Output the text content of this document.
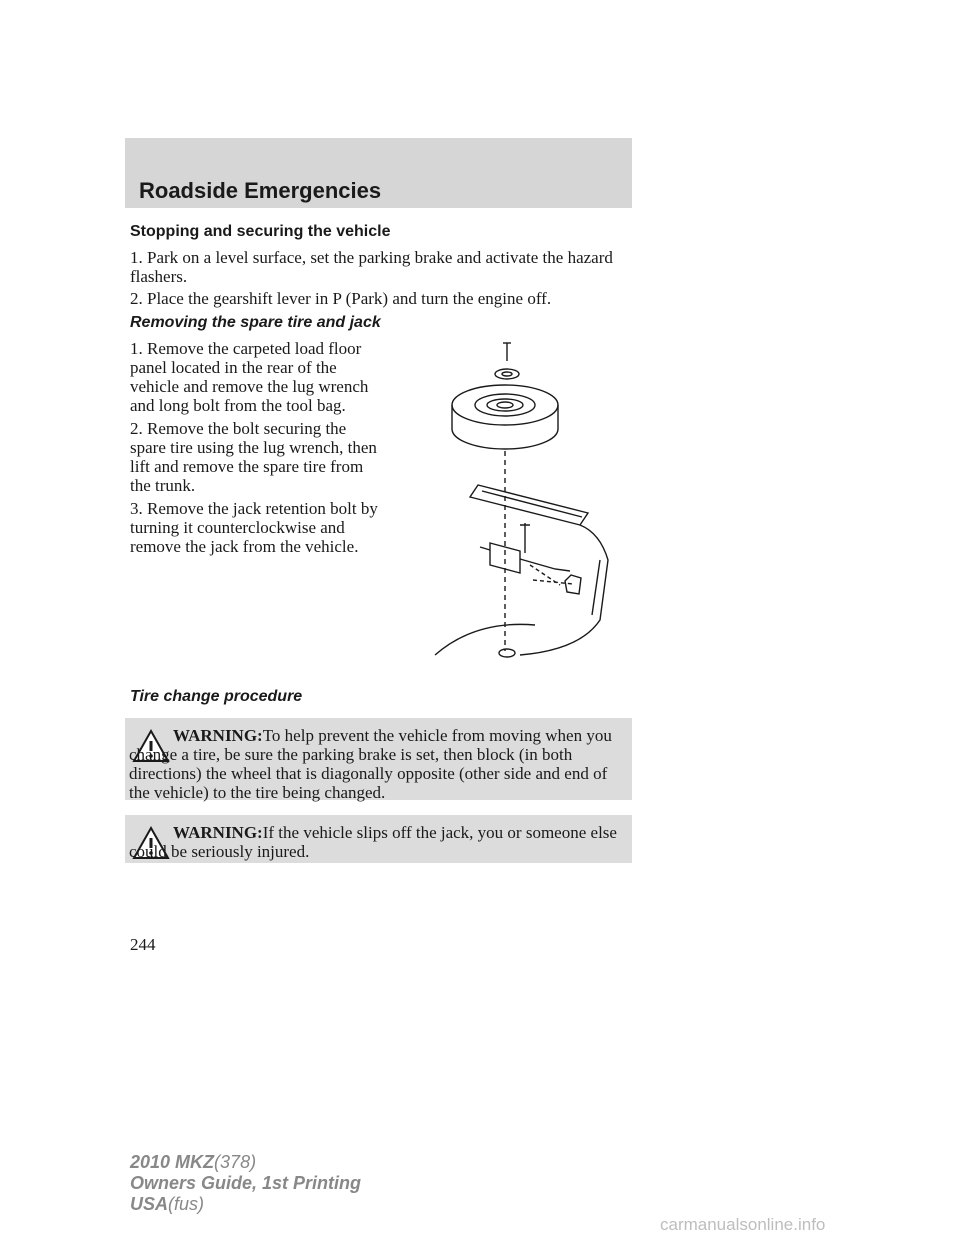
Roadside Emergencies
Stopping and securing the vehicle
1. Park on a level surface, set the parking brake and activate the hazard flashers.
2. Place the gearshift lever in P (Park) and turn the engine off.
Removing the spare tire and jack
1. Remove the carpeted load floor panel located in the rear of the vehicle and remove the lug wrench and long bolt from the tool bag.
2. Remove the bolt securing the spare tire using the lug wrench, then lift and remove the spare tire from the trunk.
3. Remove the jack retention bolt by turning it counterclockwise and remove the jack from the vehicle.
Tire change procedure
WARNING:To help prevent the vehicle from moving when you change a tire, be sure the parking brake is set, then block (in both directions) the wheel that is diagonally opposite (other side and end of the vehicle) to the tire being changed.
WARNING:If the vehicle slips off the jack, you or someone else could be seriously injured.
244
2010 MKZ(378)
Owners Guide, 1st Printing
USA(fus)
carmanualsonline.info
